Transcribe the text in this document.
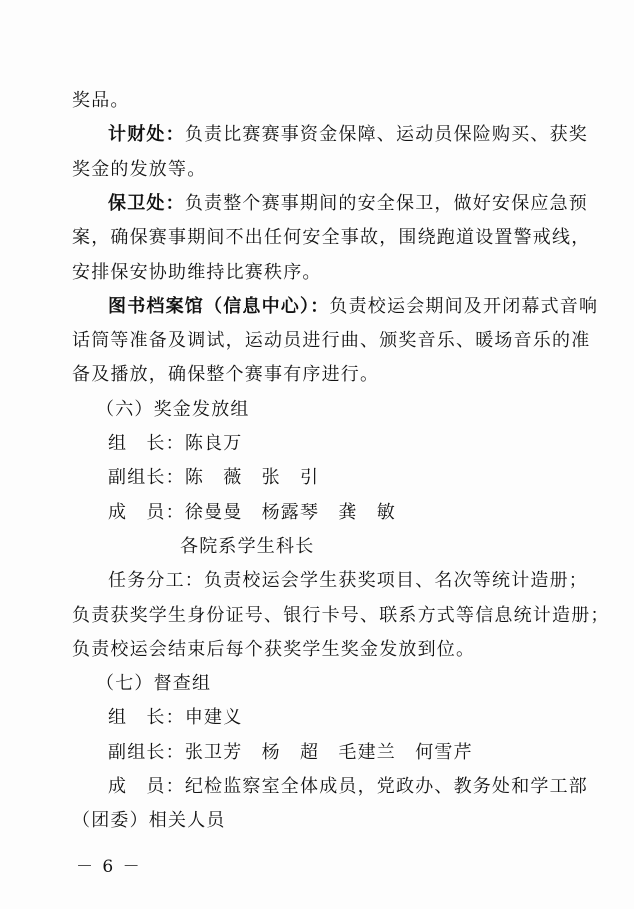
奖品。
计财处：负责比赛赛事资金保障、运动员保险购买、获奖
奖金的发放等。
保卫处：负责整个赛事期间的安全保卫，做好安保应急预
案，确保赛事期间不出任何安全事故，围绕跑道设置警戒线，
安排保安协助维持比赛秩序。
图书档案馆（信息中心）：负责校运会期间及开闭幕式音响
话筒等准备及调试，运动员进行曲、颁奖音乐、暖场音乐的准
备及播放，确保整个赛事有序进行。
（六）奖金发放组
组　长：陈良万
副组长：陈　薇　张　引
成　员：徐曼曼　杨露琴　龚　敏
各院系学生科长
任务分工：负责校运会学生获奖项目、名次等统计造册；
负责获奖学生身份证号、银行卡号、联系方式等信息统计造册；
负责校运会结束后每个获奖学生奖金发放到位。
（七）督查组
组　长：申建义
－ 6 －
副组长：张卫芳　杨　超　毛建兰　何雪芹
成　员：纪检监察室全体成员，党政办、教务处和学工部
（团委）相关人员
